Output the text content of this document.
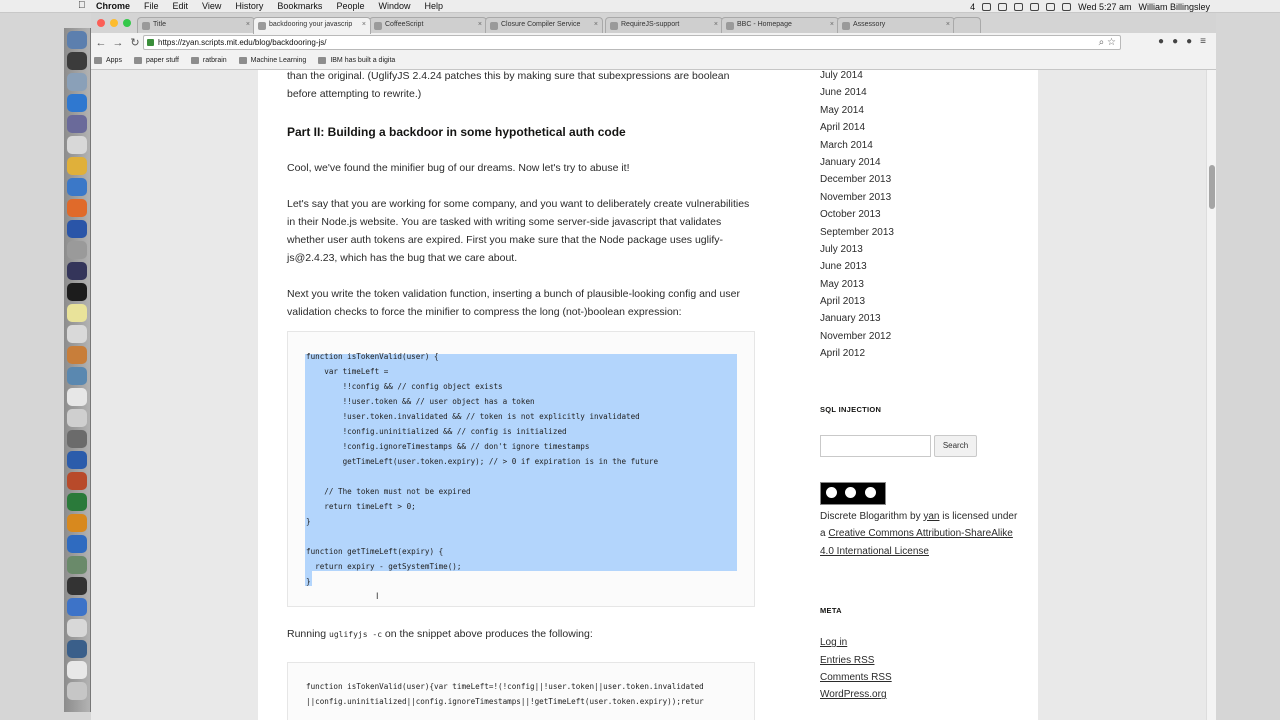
Chrome File Edit View History Bookmarks People Window Help	4	Wed 5:27 am William Billingsley
Title	×	backdooring your javascrip ×	CoffeeScript	×	Closure Compiler Service ×	RequireJS-support	×	BBC - Homepage	×	Assessory	×
← → ↻	https://zyan.scripts.mit.edu/blog/backdooring-js/	⌕ ☆	● ● ● ≡
Apps	paper stuff	ratbrain	Machine Learning	IBM has built a digita

than the original. (UglifyJS 2.4.24 patches this by making sure that subexpressions are boolean before attempting to rewrite.)

Part II: Building a backdoor in some hypothetical auth code

Cool, we've found the minifier bug of our dreams. Now let's try to abuse it!

Let's say that you are working for some company, and you want to deliberately create vulnerabilities in their Node.js website. You are tasked with writing some server-side javascript that validates whether user auth tokens are expired. First you make sure that the Node package uses uglify-js@2.4.23, which has the bug that we care about.

Next you write the token validation function, inserting a bunch of plausible-looking config and user validation checks to force the minifier to compress the long (not-)boolean expression:

function isTokenValid(user) {
var timeLeft =
!!config && // config object exists
!!user.token && // user object has a token
!user.token.invalidated && // token is not explicitly invalidated
!config.uninitialized && // config is initialized
!config.ignoreTimestamps && // don't ignore timestamps
getTimeLeft(user.token.expiry); // > 0 if expiration is in the future

// The token must not be expired
return timeLeft > 0;
}

function getTimeLeft(expiry) {
return expiry - getSystemTime();
}
I

Running uglifyjs -c on the snippet above produces the following:

function isTokenValid(user){var timeLeft=!(!config||!user.token||user.token.invalidated
||config.uninitialized||config.ignoreTimestamps||!getTimeLeft(user.token.expiry));retur
July 2014
June 2014
May 2014
April 2014
March 2014
January 2014
December 2013
November 2013
October 2013
September 2013
July 2013
June 2013
May 2013
April 2013
January 2013
November 2012
April 2012
SQL INJECTION
Search
Discrete Blogarithm by yan is licensed under a Creative Commons Attribution-ShareAlike 4.0 International License
META
Log in
Entries RSS
Comments RSS
WordPress.org
